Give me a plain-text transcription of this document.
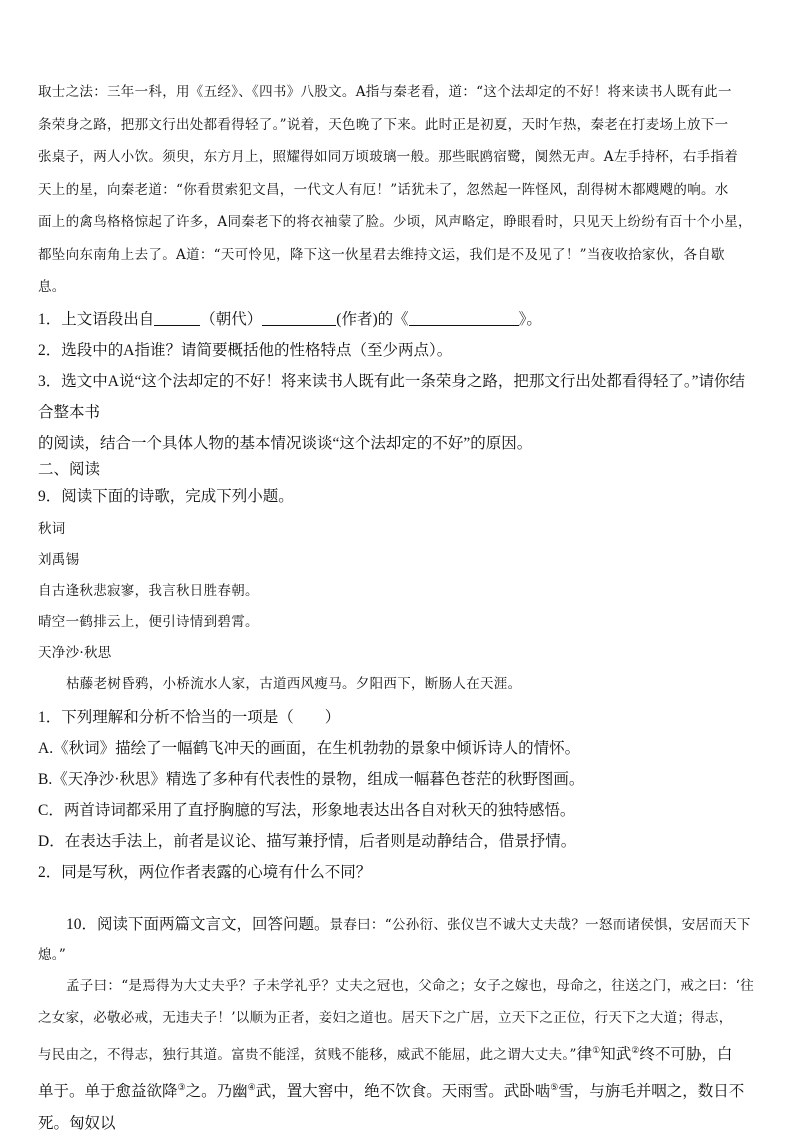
取士之法：三年一科，用《五经》、《四书》八股文。A指与秦老看，道：“这个法却定的不好！将来读书人既有此一

条荣身之路，把那文行出处都看得轻了。”说着，天色晚了下来。此时正是初夏，天时乍热，秦老在打麦场上放下一

张桌子，两人小饮。须臾，东方月上，照耀得如同万顷玻璃一般。那些眠鸥宿鹭，阒然无声。A左手持杯，右手指着

天上的星，向秦老道：“你看贯索犯文昌，一代文人有厄！”话犹未了，忽然起一阵怪风，刮得树木都飕飕的响。水

面上的禽鸟格格惊起了许多，A同秦老下的将衣袖蒙了脸。少顷，风声略定，睁眼看时，只见天上纷纷有百十个小星，

都坠向东南角上去了。A道：“天可怜见，降下这一伙星君去维持文运，我们是不及见了！”当夜收拾家伙，各自歇

息。

1．上文语段出自	（朝代）	(作者)的《	》。

2．选段中的A指谁？请简要概括他的性格特点（至少两点）。

3．选文中A说“这个法却定的不好！将来读书人既有此一条荣身之路，把那文行出处都看得轻了。”请你结合整本书

的阅读，结合一个具体人物的基本情况谈谈“这个法却定的不好”的原因。

二、阅读

9．阅读下面的诗歌，完成下列小题。

秋词

刘禹锡

自古逢秋悲寂寥，我言秋日胜春朝。

晴空一鹤排云上，便引诗情到碧霄。

天净沙·秋思

枯藤老树昏鸦，小桥流水人家，古道西风瘦马。夕阳西下，断肠人在天涯。

1．下列理解和分析不恰当的一项是（　　）

A.《秋词》描绘了一幅鹤飞冲天的画面，在生机勃勃的景象中倾诉诗人的情怀。

B.《天净沙·秋思》精选了多种有代表性的景物，组成一幅暮色苍茫的秋野图画。

C．两首诗词都采用了直抒胸臆的写法，形象地表达出各自对秋天的独特感悟。

D．在表达手法上，前者是议论、描写兼抒情，后者则是动静结合，借景抒情。

2．同是写秋，两位作者表露的心境有什么不同？

10．阅读下面两篇文言文，回答问题。景春曰：“公孙衍、张仪岂不诚大丈夫哉？一怒而诸侯惧，安居而天下

熄。”

孟子曰：“是焉得为大丈夫乎？子未学礼乎？丈夫之冠也，父命之；女子之嫁也，母命之，往送之门，戒之曰：‘往

之女家，必敬必戒，无违夫子！’以顺为正者，妾妇之道也。居天下之广居，立天下之正位，行天下之大道；得志，

与民由之，不得志，独行其道。富贵不能淫，贫贱不能移，威武不能屈，此之谓大丈夫。”律①知武②终不可胁，白

单于。单于愈益欲降③之。乃幽④武，置大窖中，绝不饮食。天雨雪。武卧啮⑤雪，与旃毛并咽之，数日不死。匈奴以
